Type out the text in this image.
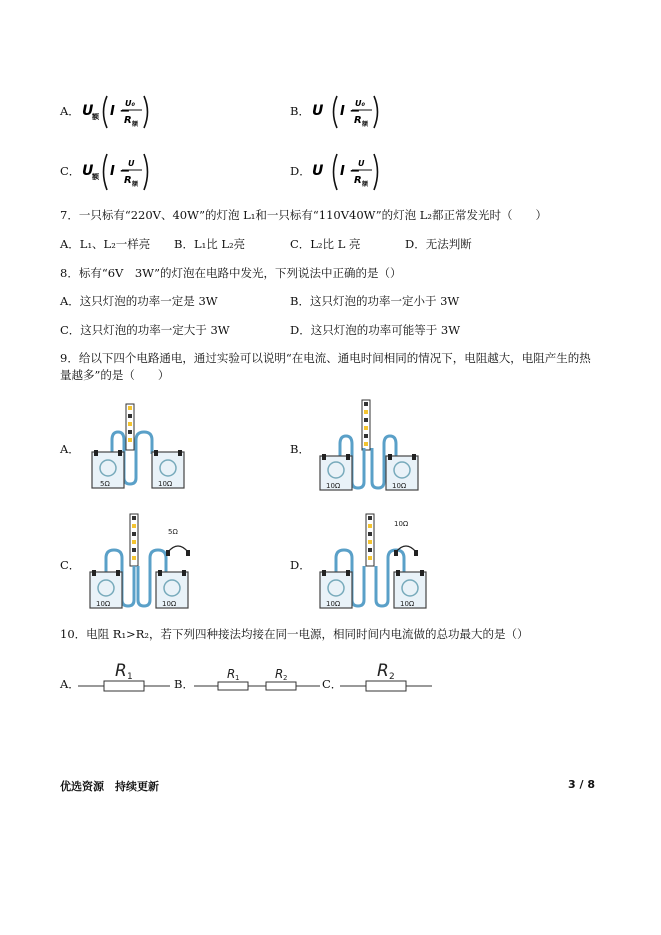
A． U
额 I −
U₀
R 额
B． U I −
U₀
R 额
C． U
额 I −
U
R 额
D． U I −
U
R 额
7．一只标有“220V、40W”的灯泡 L₁和一只标有“110V40W”的灯泡 L₂都正常发光时（　　）
A．L₁、L₂一样亮 B．L₁比 L₂亮	C．L₂比 L 亮	D．无法判断
8．标有“6V　3W”的灯泡在电路中发光，下列说法中正确的是（）
A．这只灯泡的功率一定是 3W	B．这只灯泡的功率一定小于 3W
C．这只灯泡的功率一定大于 3W	D．这只灯泡的功率可能等于 3W
9．给以下四个电路通电，通过实验可以说明“在电流、通电时间相同的情况下，电阻越大，电阻产生的热
量越多”的是（　　）
A．
5Ω	10Ω
B．
10Ω	10Ω
C．
5Ω
10Ω	10Ω
D．
10Ω
10Ω	10Ω
10．电阻 R₁>R₂，若下列四种接法均接在同一电源，相同时间内电流做的总功最大的是（）
A．
R 1	B．
R 1	R 2	C．
R 2
优选资源　持续更新	3 / 8
